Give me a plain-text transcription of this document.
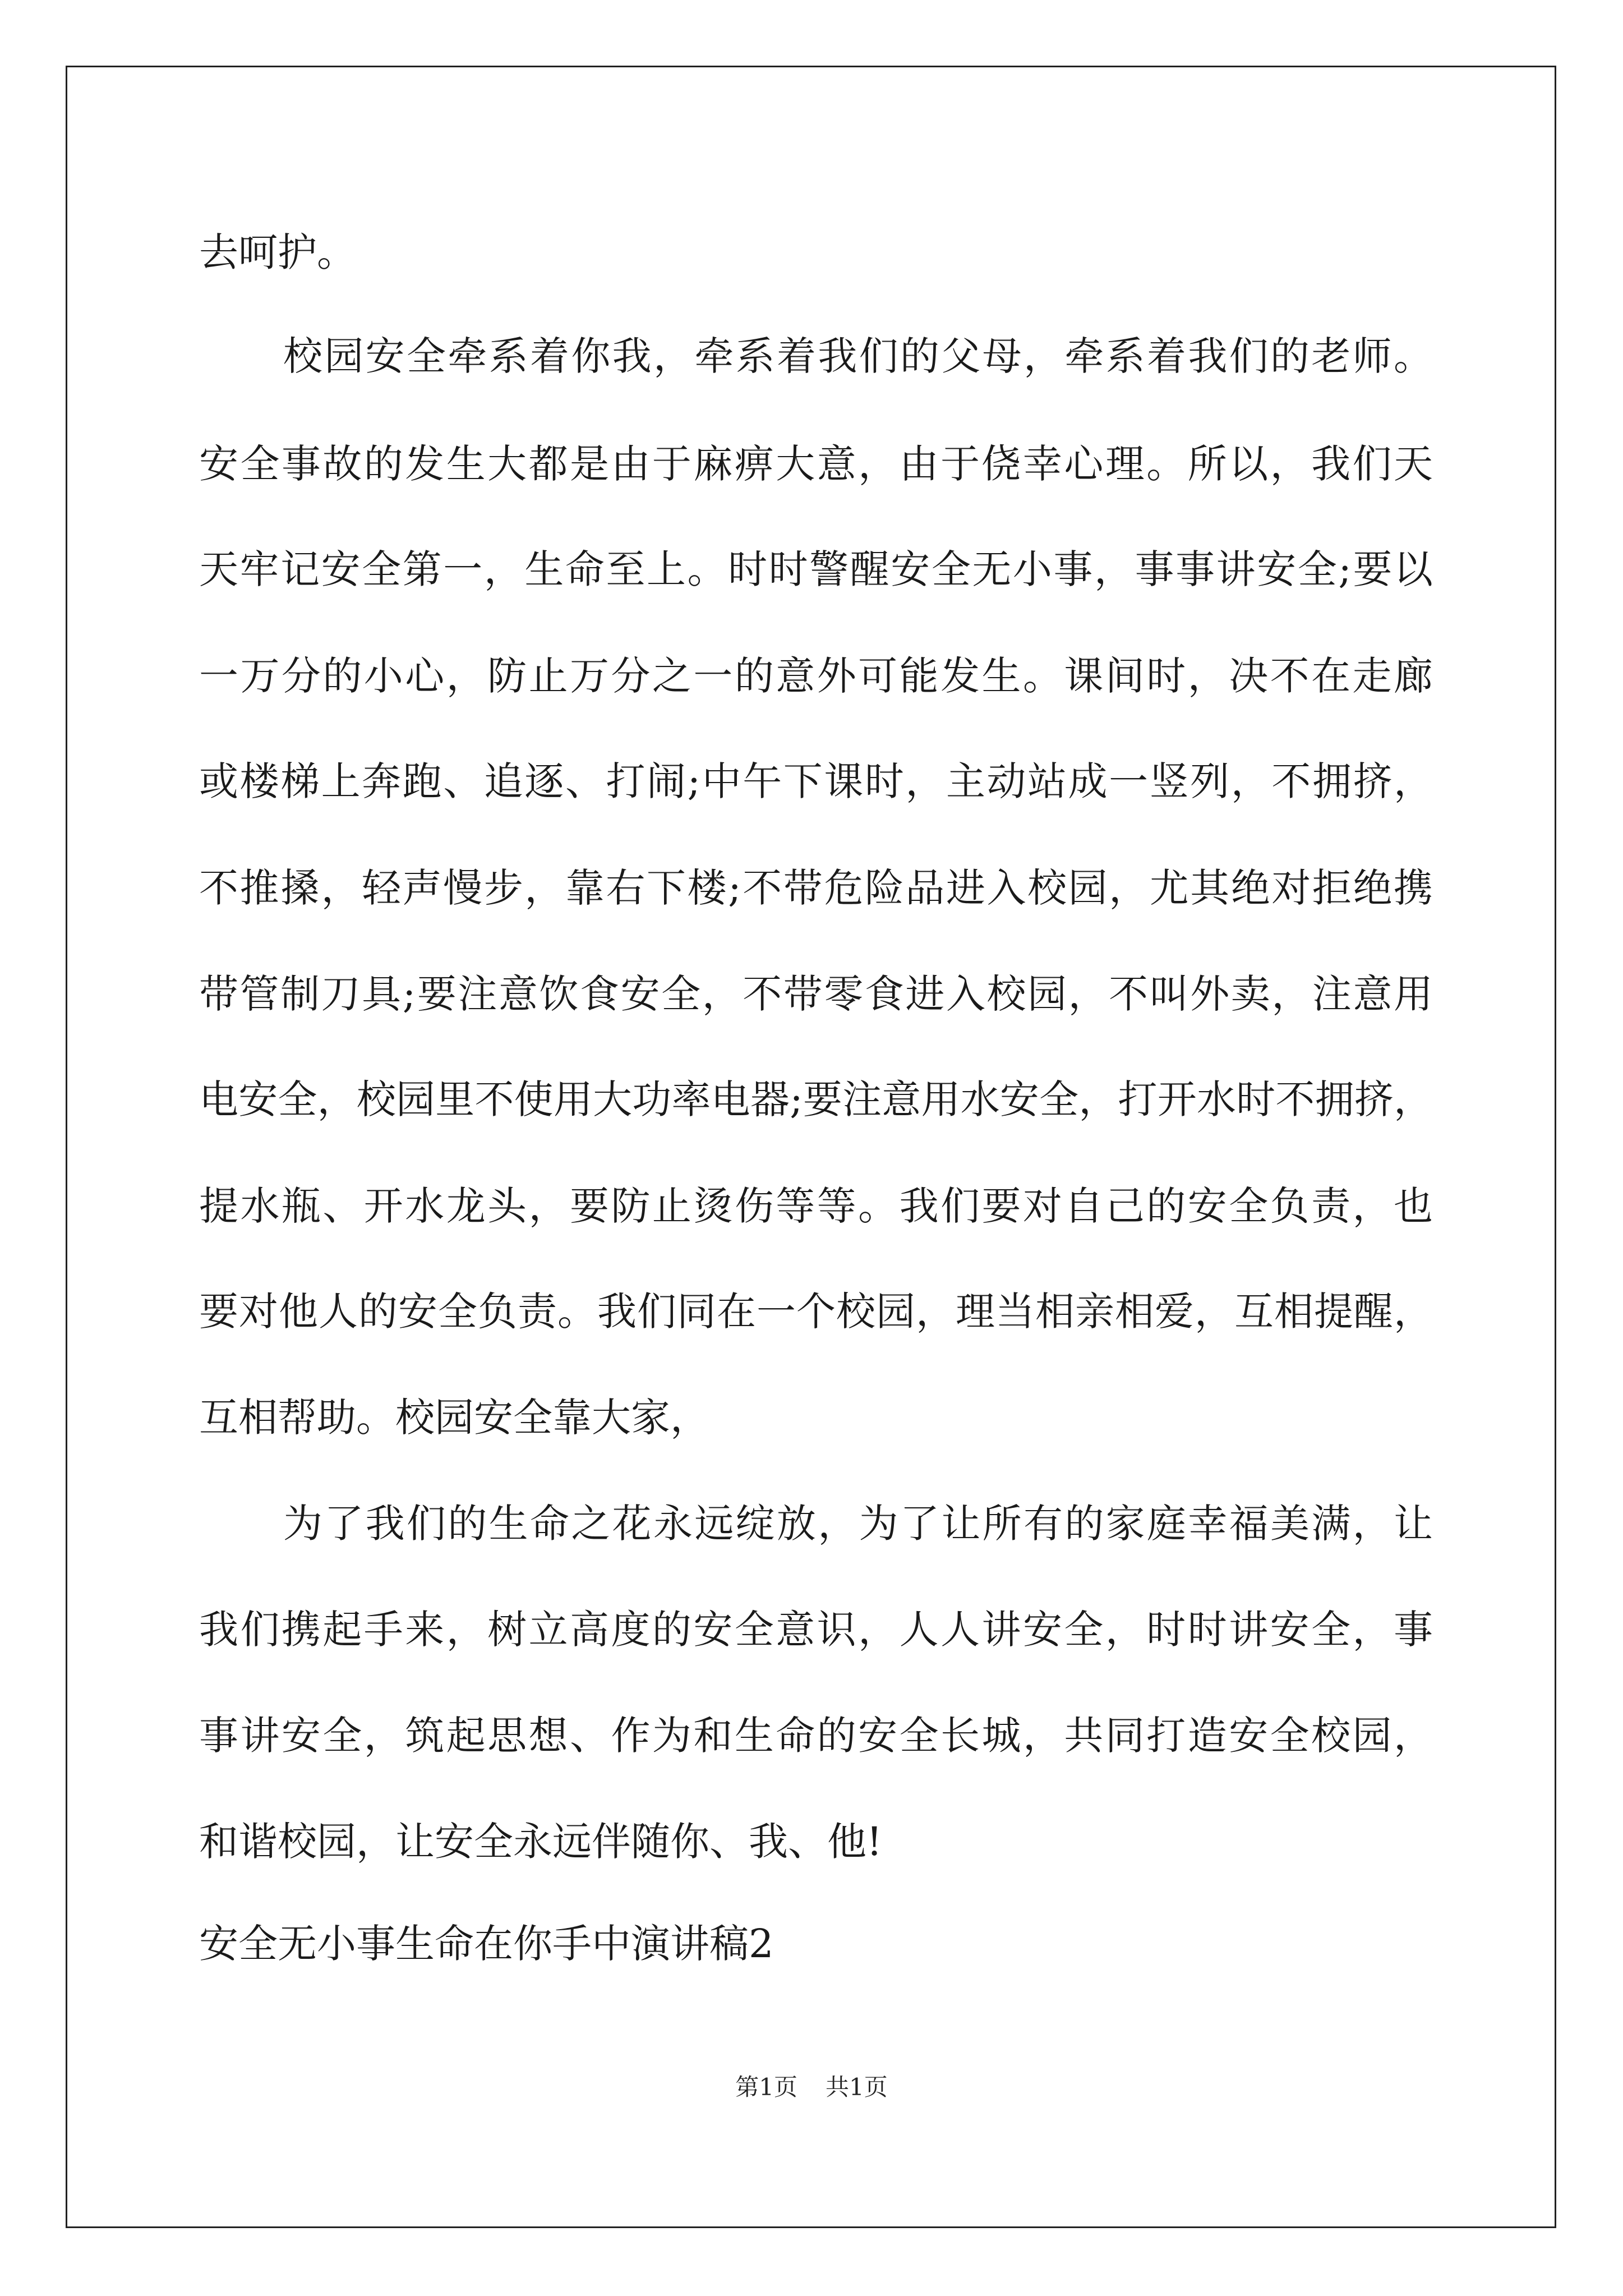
去呵护。
校园安全牵系着你我，牵系着我们的父母，牵系着我们的老师。
安全事故的发生大都是由于麻痹大意，由于侥幸心理。所以，我们天
天牢记安全第一，生命至上。时时警醒安全无小事，事事讲安全;要以
一万分的小心，防止万分之一的意外可能发生。课间时，决不在走廊
或楼梯上奔跑、追逐、打闹;中午下课时，主动站成一竖列，不拥挤，
不推搡，轻声慢步，靠右下楼;不带危险品进入校园，尤其绝对拒绝携
带管制刀具;要注意饮食安全，不带零食进入校园，不叫外卖，注意用
电安全，校园里不使用大功率电器;要注意用水安全，打开水时不拥挤，
提水瓶、开水龙头，要防止烫伤等等。我们要对自己的安全负责，也
要对他人的安全负责。我们同在一个校园，理当相亲相爱，互相提醒，
互相帮助。校园安全靠大家，
为了我们的生命之花永远绽放，为了让所有的家庭幸福美满，让
我们携起手来，树立高度的安全意识，人人讲安全，时时讲安全，事
事讲安全，筑起思想、作为和生命的安全长城，共同打造安全校园，
和谐校园，让安全永远伴随你、我、他!
安全无小事生命在你手中演讲稿2
第1页 共1页
